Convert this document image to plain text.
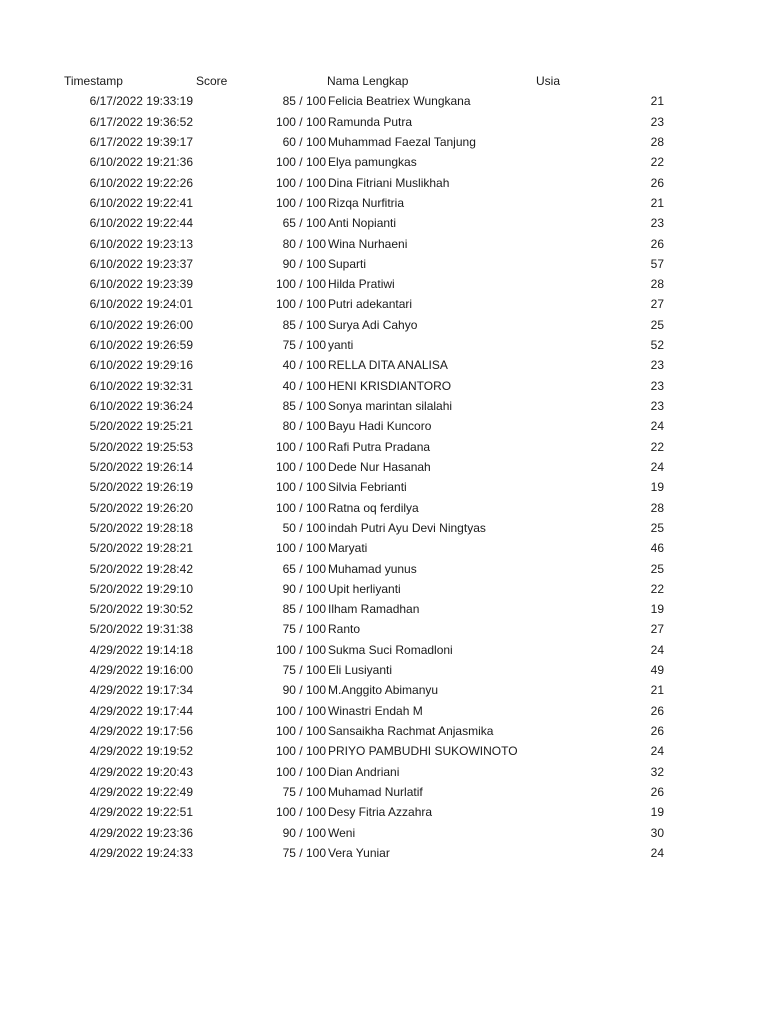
Timestamp	Score	Nama Lengkap	Usia
6/17/2022 19:33:19	85 / 100 Felicia Beatriex Wungkana	21
6/17/2022 19:36:52	100 / 100 Ramunda Putra	23
6/17/2022 19:39:17	60 / 100 Muhammad Faezal Tanjung	28
6/10/2022 19:21:36	100 / 100 Elya pamungkas	22
6/10/2022 19:22:26	100 / 100 Dina Fitriani Muslikhah	26
6/10/2022 19:22:41	100 / 100 Rizqa Nurfitria	21
6/10/2022 19:22:44	65 / 100 Anti Nopianti	23
6/10/2022 19:23:13	80 / 100 Wina Nurhaeni	26
6/10/2022 19:23:37	90 / 100 Suparti	57
6/10/2022 19:23:39	100 / 100 Hilda Pratiwi	28
6/10/2022 19:24:01	100 / 100 Putri adekantari	27
6/10/2022 19:26:00	85 / 100 Surya Adi Cahyo	25
6/10/2022 19:26:59	75 / 100 yanti	52
6/10/2022 19:29:16	40 / 100 RELLA DITA ANALISA	23
6/10/2022 19:32:31	40 / 100 HENI KRISDIANTORO	23
6/10/2022 19:36:24	85 / 100 Sonya marintan silalahi	23
5/20/2022 19:25:21	80 / 100 Bayu Hadi Kuncoro	24
5/20/2022 19:25:53	100 / 100 Rafi Putra Pradana	22
5/20/2022 19:26:14	100 / 100 Dede Nur Hasanah	24
5/20/2022 19:26:19	100 / 100 Silvia Febrianti	19
5/20/2022 19:26:20	100 / 100 Ratna oq ferdilya	28
5/20/2022 19:28:18	50 / 100 indah Putri Ayu Devi Ningtyas	25
5/20/2022 19:28:21	100 / 100 Maryati	46
5/20/2022 19:28:42	65 / 100 Muhamad yunus	25
5/20/2022 19:29:10	90 / 100 Upit herliyanti	22
5/20/2022 19:30:52	85 / 100 Ilham Ramadhan	19
5/20/2022 19:31:38	75 / 100 Ranto	27
4/29/2022 19:14:18	100 / 100 Sukma Suci Romadloni	24
4/29/2022 19:16:00	75 / 100 Eli Lusiyanti	49
4/29/2022 19:17:34	90 / 100 M.Anggito Abimanyu	21
4/29/2022 19:17:44	100 / 100 Winastri Endah M	26
4/29/2022 19:17:56	100 / 100 Sansaikha Rachmat Anjasmika	26
4/29/2022 19:19:52	100 / 100 PRIYO PAMBUDHI SUKOWINOTO	24
4/29/2022 19:20:43	100 / 100 Dian Andriani	32
4/29/2022 19:22:49	75 / 100 Muhamad Nurlatif	26
4/29/2022 19:22:51	100 / 100 Desy Fitria Azzahra	19
4/29/2022 19:23:36	90 / 100 Weni	30
4/29/2022 19:24:33	75 / 100 Vera Yuniar	24
